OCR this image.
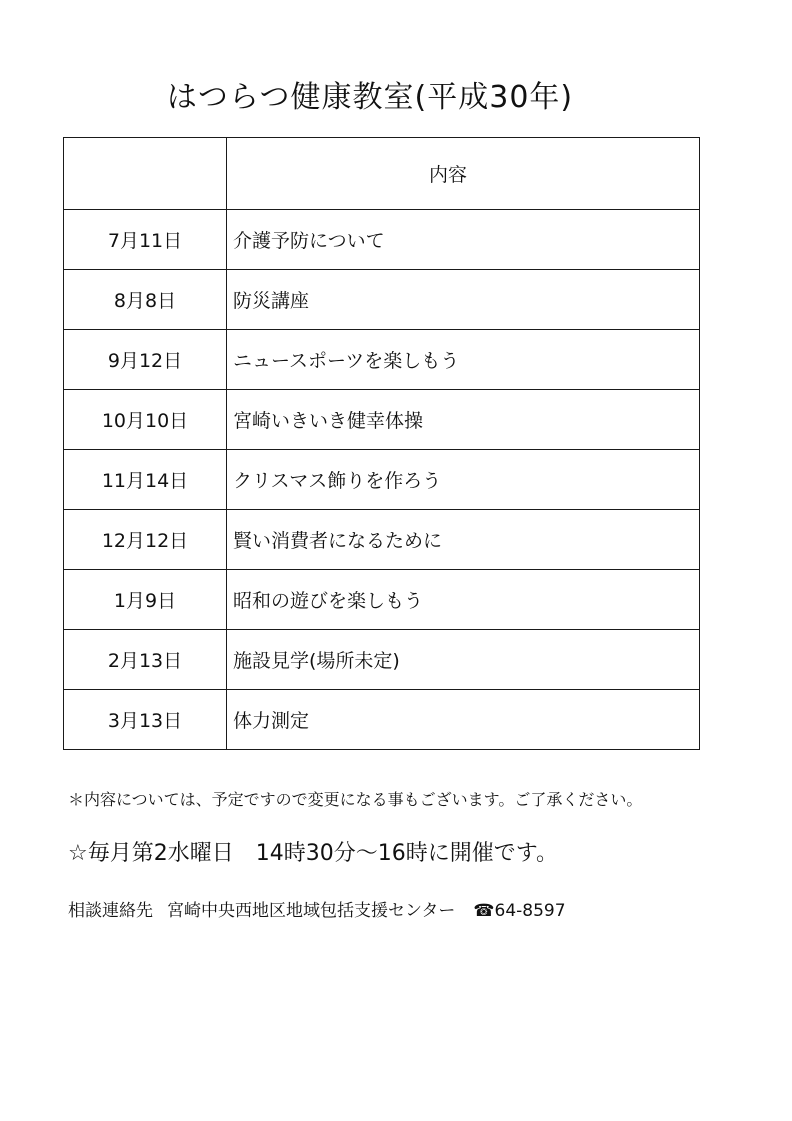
はつらつ健康教室(平成30年)
	内容
7月11日	介護予防について
8月8日	防災講座
9月12日	ニュースポーツを楽しもう
10月10日	宮崎いきいき健幸体操
11月14日	クリスマス飾りを作ろう
12月12日	賢い消費者になるために
1月9日	昭和の遊びを楽しもう
2月13日	施設見学(場所未定)
3月13日	体力測定
＊内容については、予定ですので変更になる事もございます。ご了承ください。
☆毎月第2水曜日　14時30分～16時に開催です。
相談連絡先 宮崎中央西地区地域包括支援センター ☎64-8597
